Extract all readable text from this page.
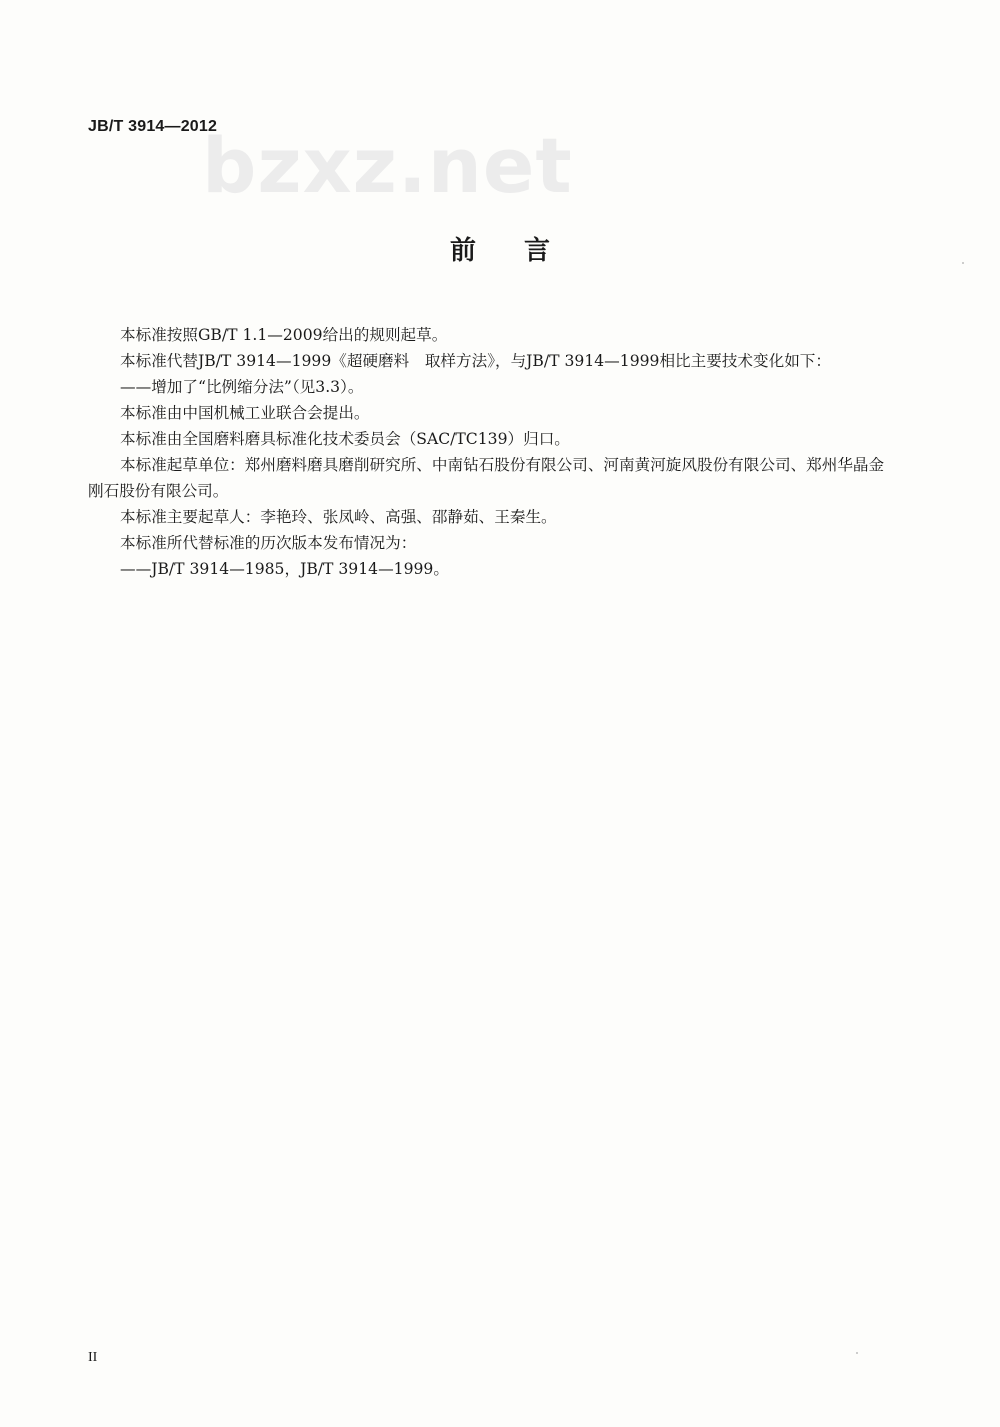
JB/T 3914—2012
bzxz.net
前 言

本标准按照GB/T 1.1—2009给出的规则起草。

本标准代替JB/T 3914—1999《超硬磨料　取样方法》，与JB/T 3914—1999相比主要技术变化如下：

——增加了“比例缩分法”（见3.3）。

本标准由中国机械工业联合会提出。

本标准由全国磨料磨具标准化技术委员会（SAC/TC139）归口。

本标准起草单位：郑州磨料磨具磨削研究所、中南钻石股份有限公司、河南黄河旋风股份有限公司、郑州华晶金刚石股份有限公司。

本标准主要起草人：李艳玲、张凤岭、高强、邵静茹、王秦生。

本标准所代替标准的历次版本发布情况为：

——JB/T 3914—1985，JB/T 3914—1999。

II
